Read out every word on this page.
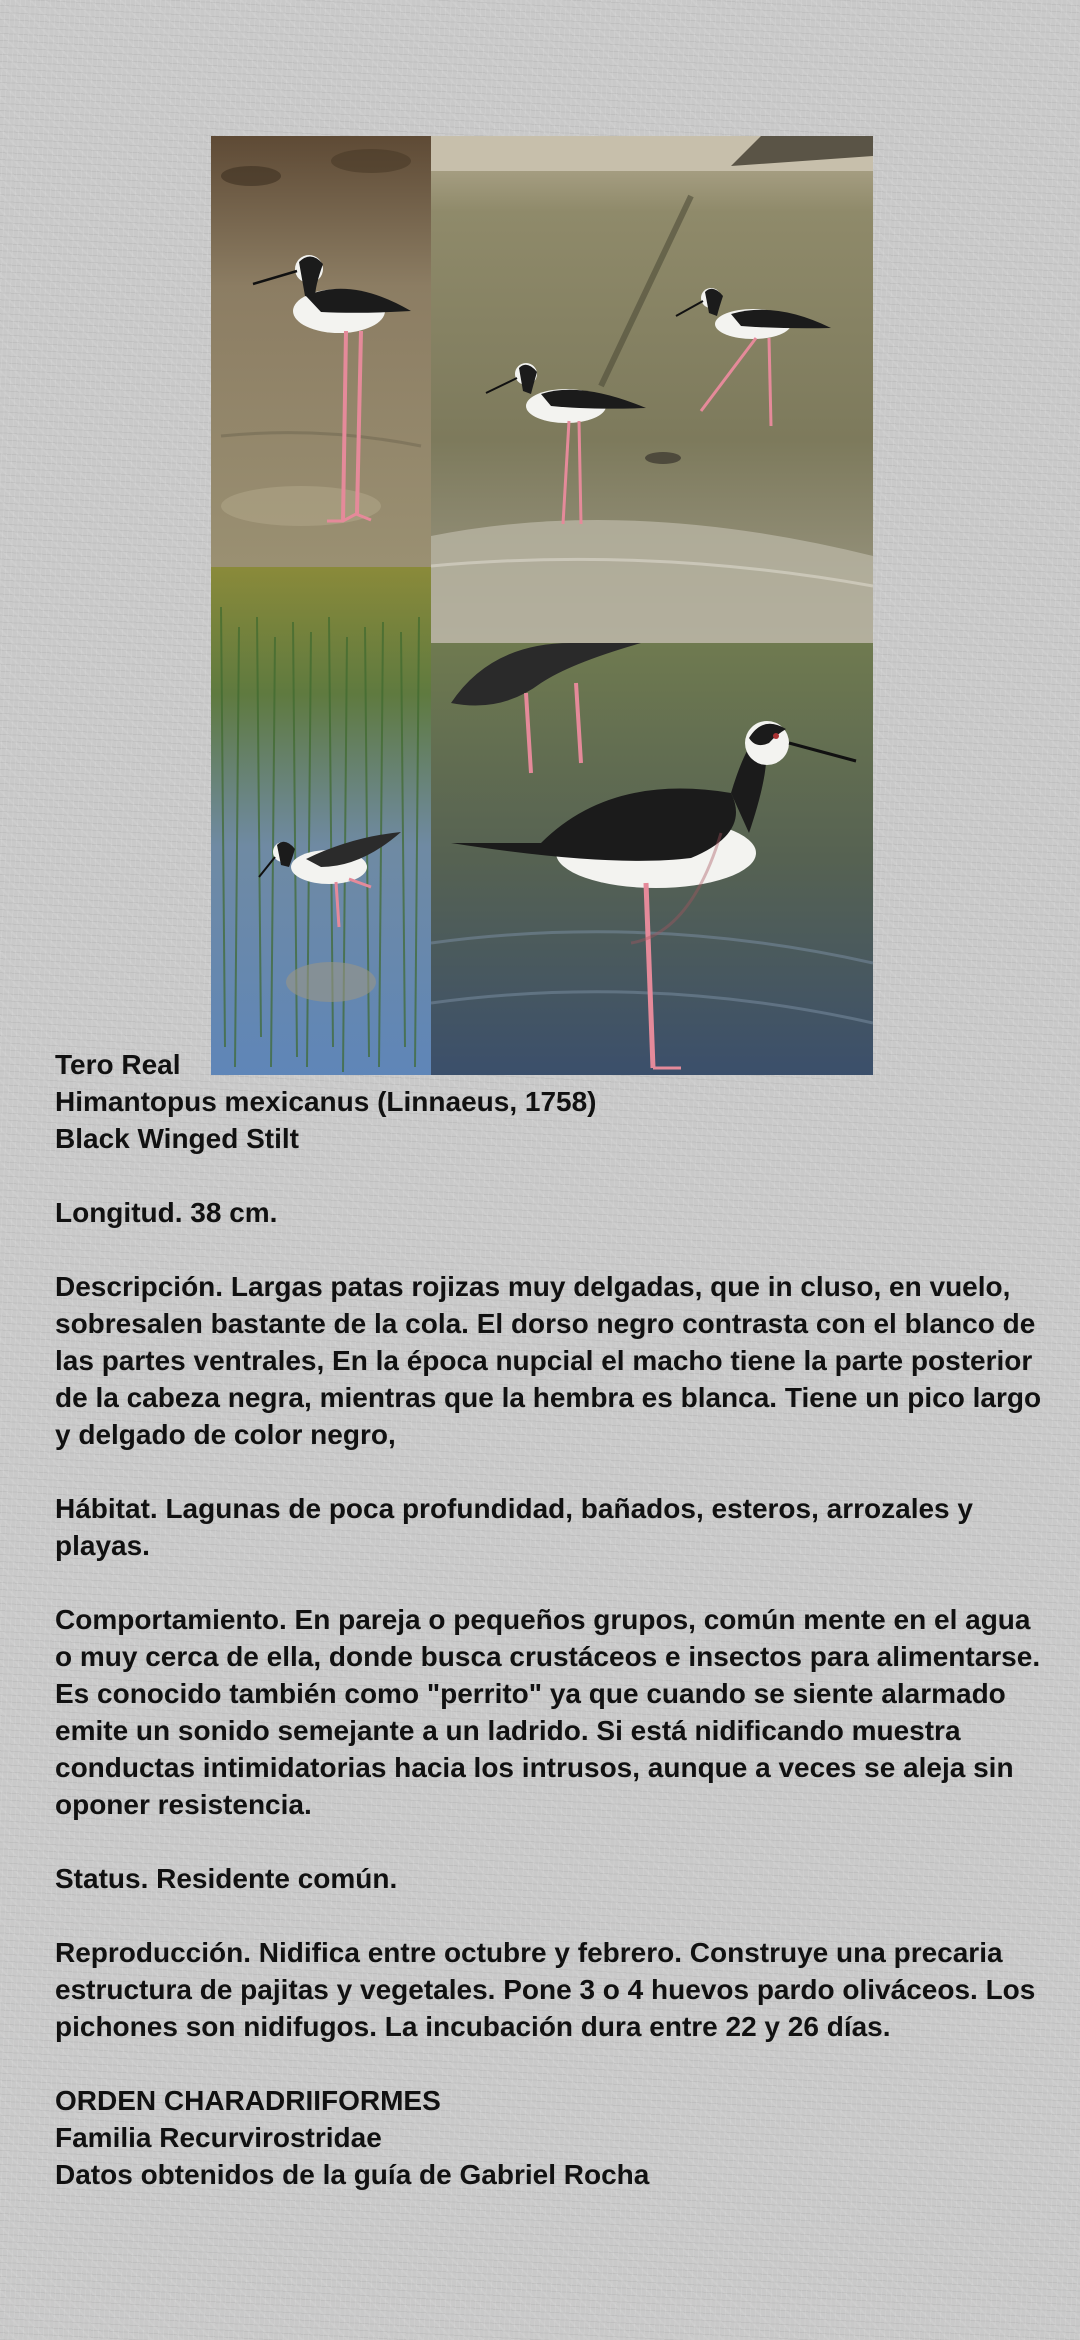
Tero Real

Himantopus mexicanus (Linnaeus, 1758)

Black Winged Stilt

Longitud. 38 cm.

Descripción. Largas patas rojizas muy delgadas, que in cluso, en vuelo, sobresalen bastante de la cola. El dorso negro contrasta con el blanco de las partes ventrales, En la época nupcial el macho tiene la parte posterior de la cabeza negra, mientras que la hembra es blanca. Tiene un pico largo y delgado de color negro,

Hábitat. Lagunas de poca profundidad, bañados, esteros, arrozales y playas.

Comportamiento. En pareja o pequeños grupos, común mente en el agua o muy cerca de ella, donde busca crustáceos e insectos para alimentarse. Es conocido también como "perrito" ya que cuando se siente alarmado emite un sonido semejante a un ladrido. Si está nidificando muestra conductas intimidatorias hacia los intrusos, aunque a veces se aleja sin oponer resistencia.

Status. Residente común.

Reproducción. Nidifica entre octubre y febrero. Construye una precaria estructura de pajitas y vegetales. Pone 3 o 4 huevos pardo oliváceos. Los pichones son nidifugos. La incubación dura entre 22 y 26 días.

ORDEN CHARADRIIFORMES

Familia Recurvirostridae

Datos obtenidos de la guía de Gabriel Rocha
